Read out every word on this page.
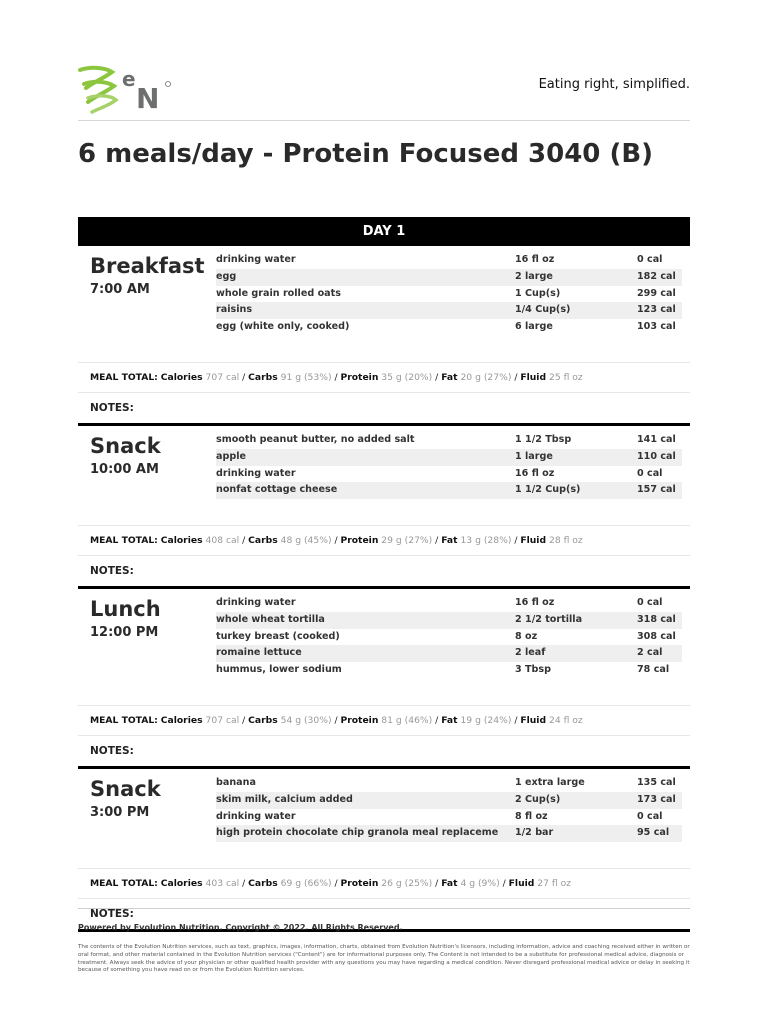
e
N	Eating right, simplified.
6 meals/day - Protein Focused 3040 (B)
DAY 1
Breakfast
7:00 AM
drinking water	16 fl oz	0 cal
egg	2 large	182 cal
whole grain rolled oats	1 Cup(s)	299 cal
raisins	1/4 Cup(s)	123 cal
egg (white only, cooked)	6 large	103 cal
MEAL TOTAL: Calories 707 cal / Carbs 91 g (53%) / Protein 35 g (20%) / Fat 20 g (27%) / Fluid 25 fl oz
NOTES:
Snack
10:00 AM
smooth peanut butter, no added salt	1 1/2 Tbsp	141 cal
apple	1 large	110 cal
drinking water	16 fl oz	0 cal
nonfat cottage cheese	1 1/2 Cup(s)	157 cal
MEAL TOTAL: Calories 408 cal / Carbs 48 g (45%) / Protein 29 g (27%) / Fat 13 g (28%) / Fluid 28 fl oz
NOTES:
Lunch
12:00 PM
drinking water	16 fl oz	0 cal
whole wheat tortilla	2 1/2 tortilla	318 cal
turkey breast (cooked)	8 oz	308 cal
romaine lettuce	2 leaf	2 cal
hummus, lower sodium	3 Tbsp	78 cal
MEAL TOTAL: Calories 707 cal / Carbs 54 g (30%) / Protein 81 g (46%) / Fat 19 g (24%) / Fluid 24 fl oz
NOTES:
Snack
3:00 PM
banana	1 extra large	135 cal
skim milk, calcium added	2 Cup(s)	173 cal
drinking water	8 fl oz	0 cal
high protein chocolate chip granola meal replaceme	1/2 bar	95 cal
MEAL TOTAL: Calories 403 cal / Carbs 69 g (66%) / Protein 26 g (25%) / Fat 4 g (9%) / Fluid 27 fl oz
NOTES:
Powered by Evolution Nutrition. Copyright © 2022. All Rights Reserved.
The contents of the Evolution Nutrition services, such as text, graphics, images, information, charts, obtained from Evolution Nutrition's licensors, including information, advice and coaching received either in written or oral format, and other material contained in the Evolution Nutrition services ("Content") are for informational purposes only. The Content is not intended to be a substitute for professional medical advice, diagnosis or treatment. Always seek the advice of your physician or other qualified health provider with any questions you may have regarding a medical condition. Never disregard professional medical advice or delay in seeking it because of something you have read on or from the Evolution Nutrition services.
